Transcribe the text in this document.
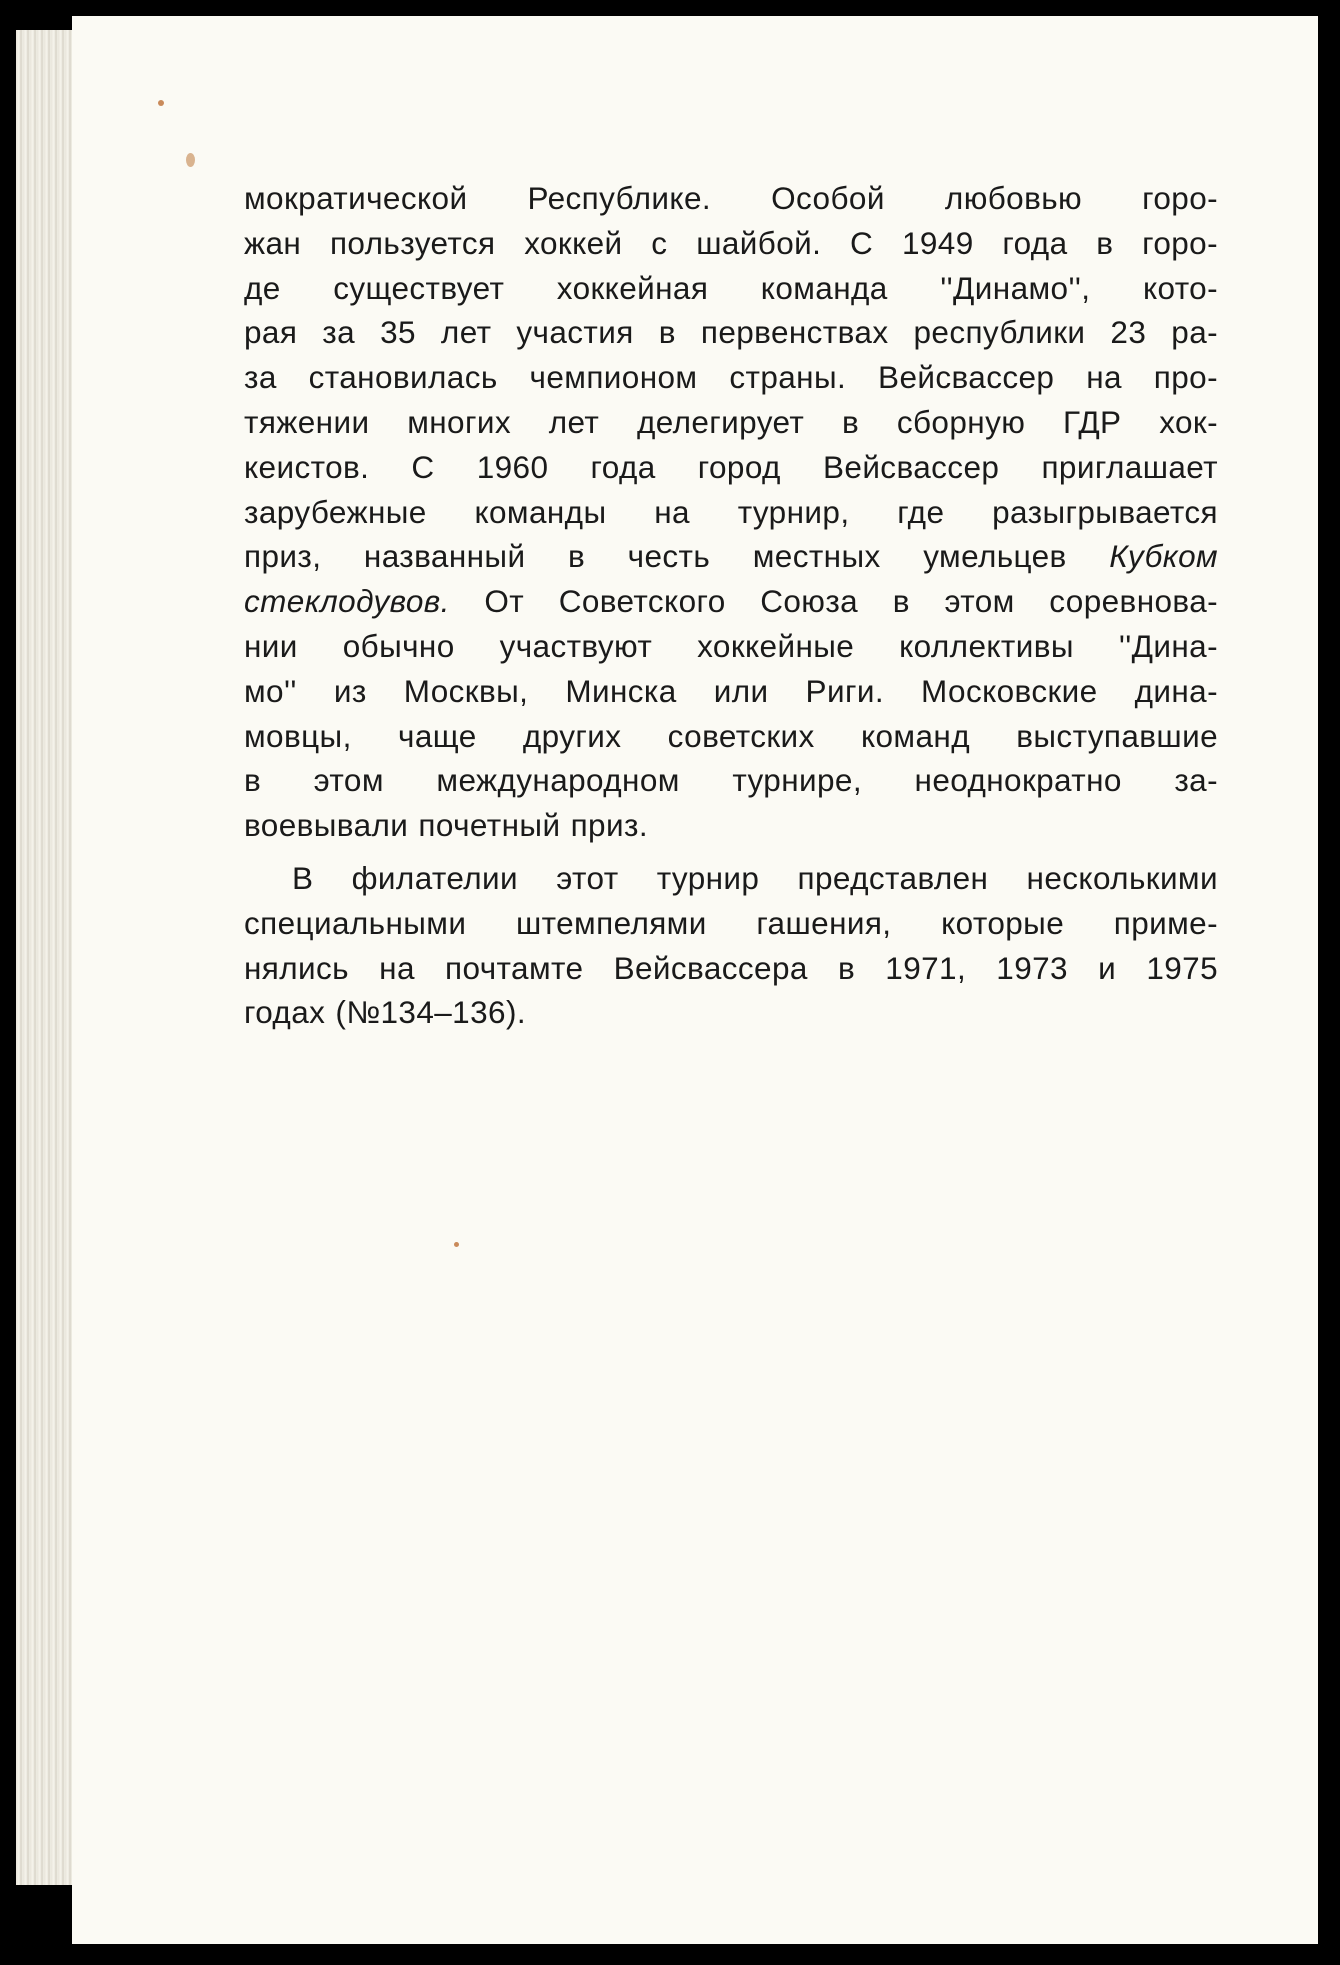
мократической Республике. Особой любовью горо-
жан пользуется хоккей с шайбой. С 1949 года в горо-
де существует хоккейная команда ''Динамо'', кото-
рая за 35 лет участия в первенствах республики 23 ра-
за становилась чемпионом страны. Вейсвассер на про-
тяжении многих лет делегирует в сборную ГДР хок-
кеистов. С 1960 года город Вейсвассер приглашает
зарубежные команды на турнир, где разыгрывается
приз, названный в честь местных умельцев Кубком
стеклодувов. От Советского Союза в этом соревнова-
нии обычно участвуют хоккейные коллективы ''Дина-
мо'' из Москвы, Минска или Риги. Московские дина-
мовцы, чаще других советских команд выступавшие
в этом международном турнире, неоднократно за-
воевывали почетный приз.
В филателии этот турнир представлен несколькими
специальными штемпелями гашения, которые приме-
нялись на почтамте Вейсвассера в 1971, 1973 и 1975
годах (№134–136).
